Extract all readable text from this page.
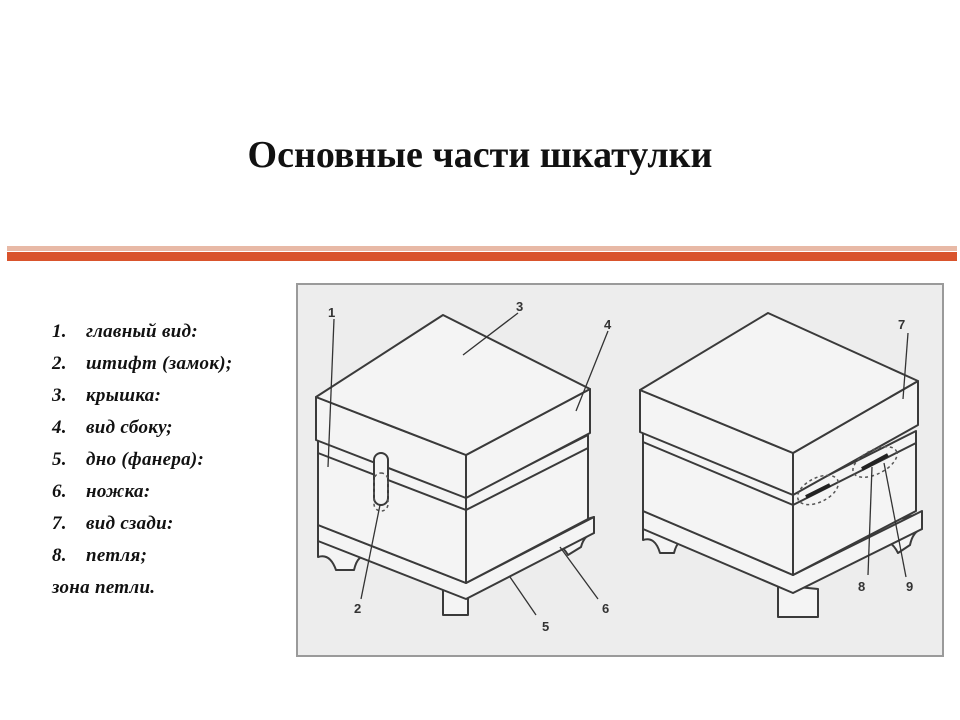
Основные части шкатулки
1. главный вид:
2. штифт (замок);
3. крышка:
4. вид сбоку;
5. дно (фанера):
6. ножка:
7. вид сзади:
8. петля;
зона петли.
1
2
3
4
5
6
7
8	9
